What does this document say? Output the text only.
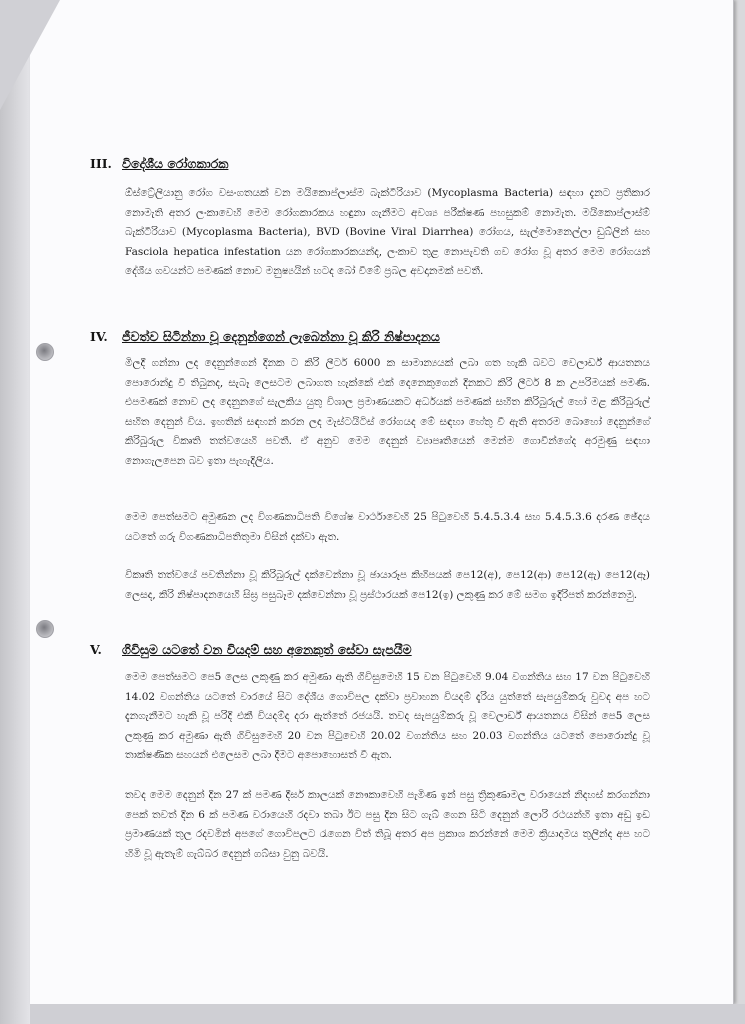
III. විදේශීය රෝගකාරක
ඕස්ට්‍රේලියානු රෝග වසංගතයක් වන මයිකොප්ලාස්ම බැක්ටීරියාව (Mycoplasma Bacteria) සඳහා දැනට ප්‍රතිකාර නොමැති අතර ලංකාවෙහි මෙම රෝගකාරකය හඳුනා ගැනීමට අවශ්‍ය පරීක්ෂණ පහසුකම් නොමැත. මයිකොප්ලාස්ම් බැක්ටීරියාව (Mycoplasma Bacteria), BVD (Bovine Viral Diarrhea) රෝගය, සැල්මොනෙල්ලා ඩුබ්ලින් සහ Fasciola hepatica infestation යන රෝගකාරකයන්ද, ලංකාව තුළ නොපැවති ගව රෝග වූ අතර මෙම රෝගයන් දේශීය ගවයන්ට පමණක් නොව මනුෂ්‍යයින් හටද බෝ වීමේ ප්‍රබල අවදානමක් පවතී.
IV. ජීවත්ව සිටින්නා වූ දෙනුන්ගෙන් ලැබෙන්නා වූ කිරි නිෂ්පාදනය
මිලදී ගන්නා ලද දෙනුන්ගෙන් දිනක ට කිරි ලීටර් 6000 ක සාමාන්‍යයක් ලබා ගත හැකි බවට වෙලාර්ඩ් ආයතනය පොරොන්දු වී තිබුනද, සැබෑ ලෙසටම ලබාගත හැක්කේ එක් දෙනෙකුගෙන් දිනකට කිරි ලීටර් 8 ක උපරිමයක් පමණි. එපමණක් නොව ලද දෙනුනගේ සැලකිය යුතු විශාල ප්‍රමාණයකට අර්ධයක් පමණක් සහිත කිරිබුරුල් හෝ මළ කිරිබුරුල් සහිත දෙනුන් විය. ඉහතින් සඳහන් කරන ලද මැස්ටයිටිස් රෝගයද මේ සඳහා හේතු වී ඇති අතරම බොහෝ දෙනුන්ගේ කිරිබුරුල විකෘති තත්වයෙහි පවතී. ඒ අනුව මෙම දෙනුන් ව්‍යාපෘතියෙන් මෙන්ම ගොවීන්ගේද අරමුණු සඳහා නොගැලපෙන බව ඉතා පැහැදිලිය.
මෙම පෙත්සමට අමුණන ලද විගණකාධිපති විශේෂ වාර්ථාවෙහි 25 පිටුවෙහි 5.4.5.3.4 සහ 5.4.5.3.6 දරණ ඡේදය යටතේ ගරු විගණකාධිපතිතුමා විසින් දක්වා ඇත.
විකෘති තත්වයේ පවතින්නා වූ කිරිබුරුල් දක්වෙන්නා වූ ඡායාරූප කිහිපයක් පෙ12(අ), පෙ12(ආ) පෙ12(ඇ) පෙ12(ඈ) ලෙසද, කිරි නිෂ්පාදනයෙහි සිඝ්‍ර පසුබෑම දක්වෙන්නා වූ ප්‍රස්ථාරයක් පෙ12(ඉ) ලකුණු කර මේ සමග ඉදිරිපත් කරන්නෙමු.
V. ගිවිසුම යටතේ වන වියදම් සහ අනෙකුත් සේවා සැපයීම
මෙම පෙත්සමට පෙ5 ලෙස ලකුණු කර අමුණා ඇති ගිවිසුමෙහි 15 වන පිටුවෙහි 9.04 වගන්තිය සහ 17 වන පිටුවෙහි 14.02 වගන්තිය යටතේ වාරයේ සිට දේශීය ගොවිපල දක්වා ප්‍රවාහන වියදම් දැරිය යුත්තේ සැපයුම්කරු වුවද අප හට දැනගැනීමට හැකි වූ පරිදි එකී වියදම්ද දරා ඇත්තේ රජයයි. තවද සැපයුම්කරු වූ වෙලාර්ඩ් ආයතනය විසින් පෙ5 ලෙස ලකුණු කර අමුණා ඇති ගිවිසුමෙහි 20 වන පිටුවෙහි 20.02 වගන්තිය සහ 20.03 වගන්තිය යටතේ පොරොන්දු වූ තාක්ෂණික සහයන් එලෙසම ලබා දීමට අපොහොසත් වී ඇත.
තවද මෙම දෙනුන් දින 27 ක් පමණ දීර්ඝ කාලයක් නෞකාවෙහි පැමිණ ඉන් පසු ත්‍රිකුණාමල වරායෙන් නිදහස් කරගන්නා පෙක් තවත් දින 6 ක් පමණ වරායෙහි රදවා තබා ඊට පසු දින සිට ගැබ් ගෙන සිටි දෙනුන් ලොරි රථයන්හි ඉතා අඩු ඉඩ ප්‍රමාණයක් තුල රදවමින් අපගේ ගොවිපලට රැගෙන විත් තිබූ අතර අප ප්‍රකාශ කරන්නේ මෙම ක්‍රියාදාමය තුලින්ද අප හට හිමි වූ ඇතැම් ගැබ්බර දෙනුන් ගබ්සා වුනු බවයි.
